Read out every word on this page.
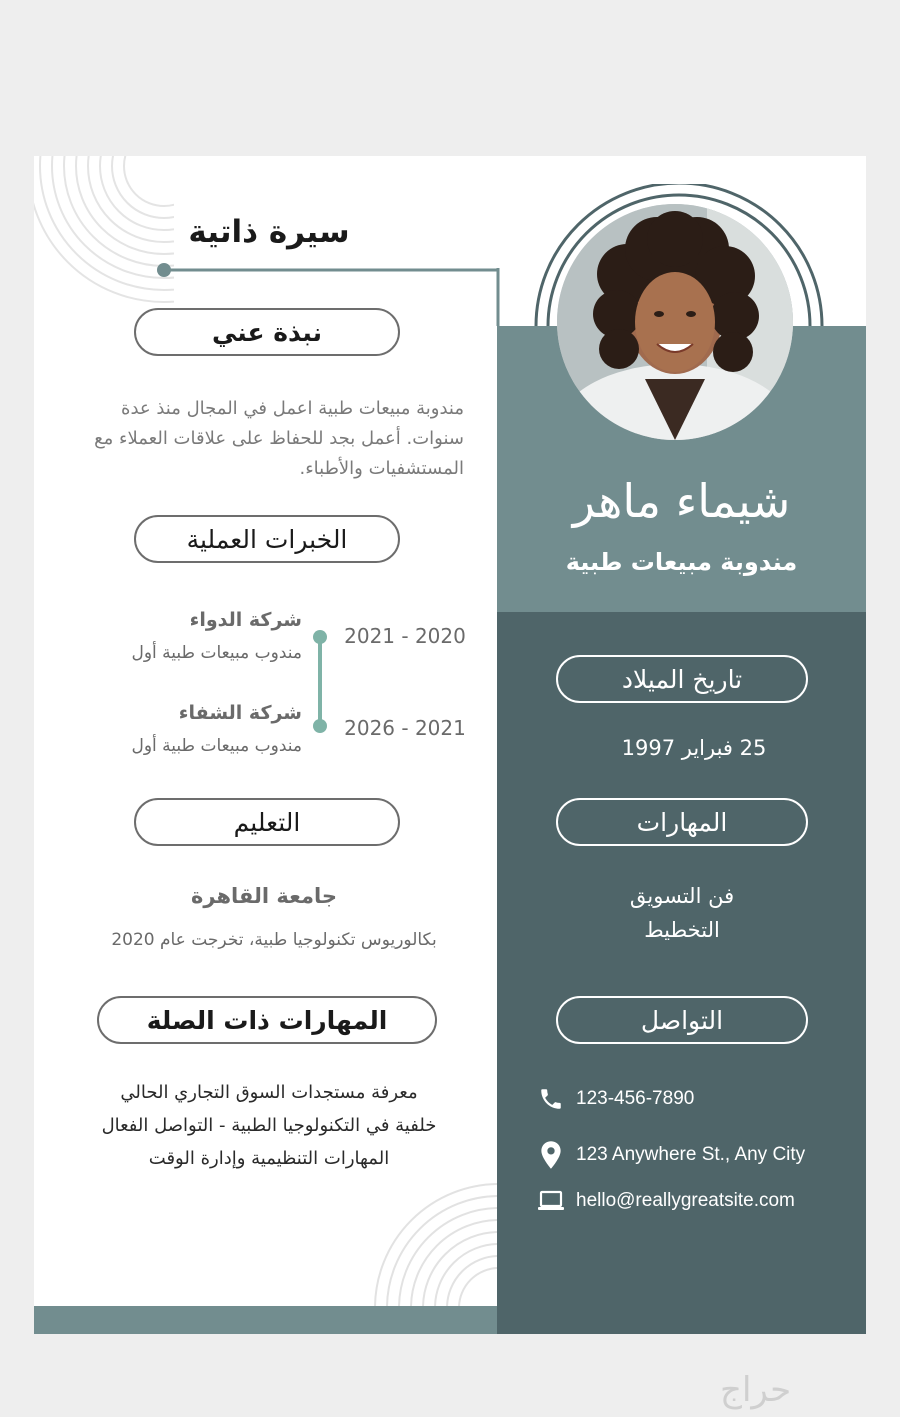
سيرة ذاتية
شيماء ماهر
مندوبة مبيعات طبية
نبذة عني
مندوبة مبيعات طبية اعمل في المجال منذ عدة سنوات. أعمل بجد للحفاظ على علاقات العملاء مع المستشفيات والأطباء.
الخبرات العملية
شركة الدواء
مندوب مبيعات طبية أول
2021 - 2020
شركة الشفاء
مندوب مبيعات طبية أول
2026 - 2021
التعليم
جامعة القاهرة
بكالوريوس تكنولوجيا طبية، تخرجت عام 2020
المهارات ذات الصلة
معرفة مستجدات السوق التجاري الحالي
خلفية في التكنولوجيا الطبية - التواصل الفعال
المهارات التنظيمية وإدارة الوقت
تاريخ الميلاد
25 فبراير 1997
المهارات
فن التسويق
التخطيط
التواصل
123-456-7890
123 Anywhere St., Any City
hello@reallygreatsite.com
حراج
